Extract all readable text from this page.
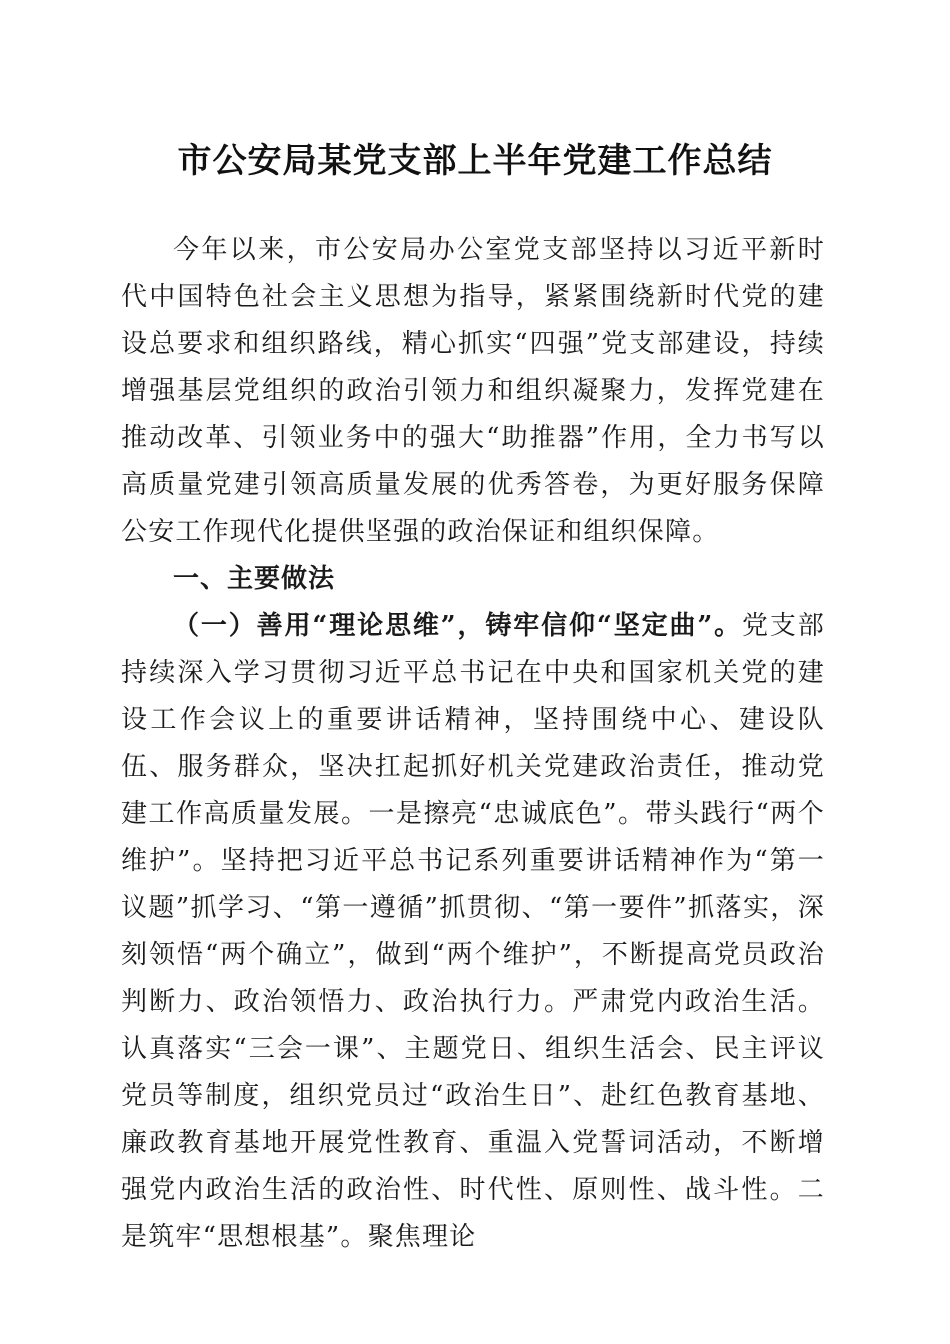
市公安局某党支部上半年党建工作总结

今年以来，市公安局办公室党支部坚持以习近平新时代中国特色社会主义思想为指导，紧紧围绕新时代党的建设总要求和组织路线，精心抓实“四强”党支部建设，持续增强基层党组织的政治引领力和组织凝聚力，发挥党建在推动改革、引领业务中的强大“助推器”作用，全力书写以高质量党建引领高质量发展的优秀答卷，为更好服务保障公安工作现代化提供坚强的政治保证和组织保障。

一、主要做法

（一）善用“理论思维”，铸牢信仰“坚定曲”。党支部持续深入学习贯彻习近平总书记在中央和国家机关党的建设工作会议上的重要讲话精神，坚持围绕中心、建设队伍、服务群众，坚决扛起抓好机关党建政治责任，推动党建工作高质量发展。一是擦亮“忠诚底色”。带头践行“两个维护”。坚持把习近平总书记系列重要讲话精神作为“第一议题”抓学习、“第一遵循”抓贯彻、“第一要件”抓落实，深刻领悟“两个确立”，做到“两个维护”，不断提高党员政治判断力、政治领悟力、政治执行力。严肃党内政治生活。认真落实“三会一课”、主题党日、组织生活会、民主评议党员等制度，组织党员过“政治生日”、赴红色教育基地、廉政教育基地开展党性教育、重温入党誓词活动，不断增强党内政治生活的政治性、时代性、原则性、战斗性。二是筑牢“思想根基”。聚焦理论
